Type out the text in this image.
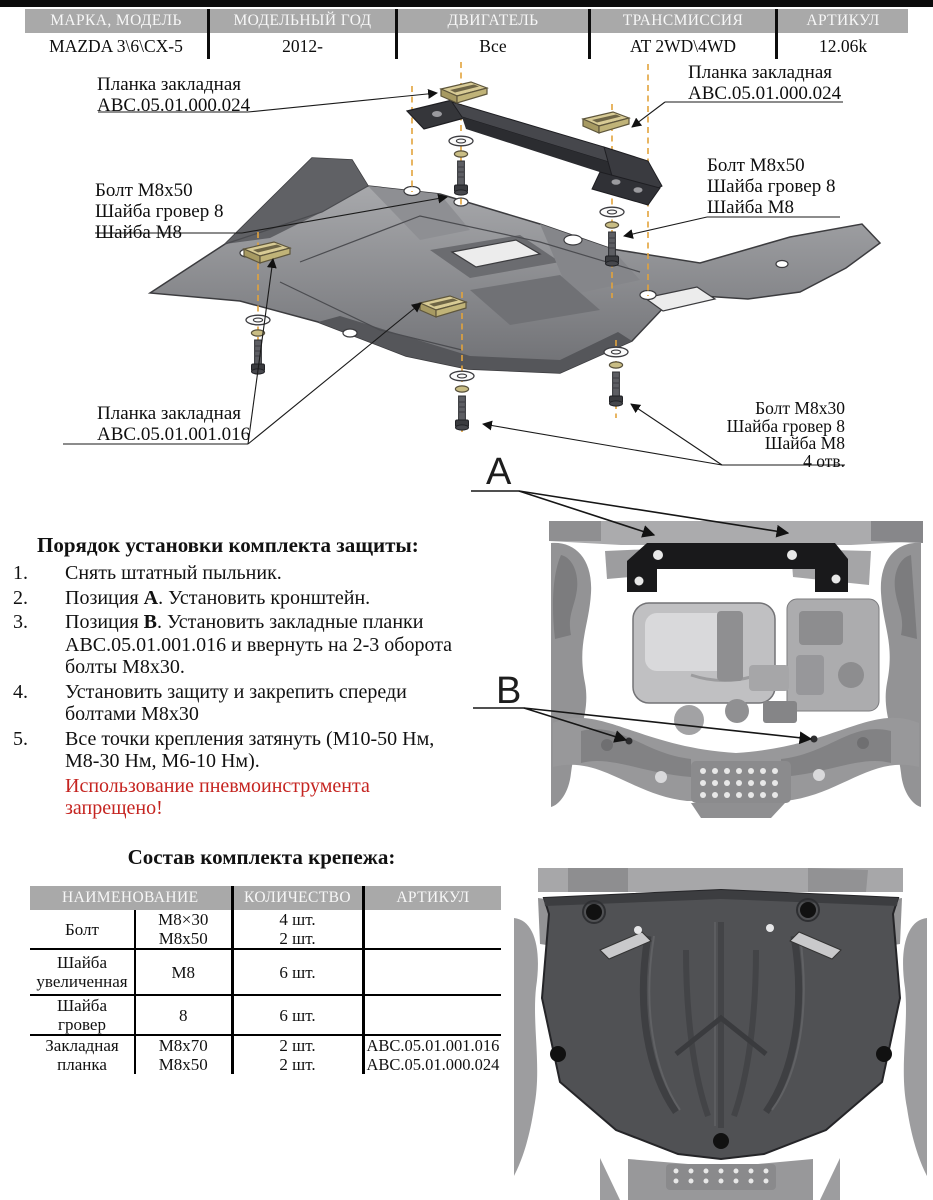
МАРКА, МОДЕЛЬ	МОДЕЛЬНЫЙ ГОД	ДВИГАТЕЛЬ	ТРАНСМИССИЯ	АРТИКУЛ
MAZDA 3\6\CX-5	2012-	Все	AT 2WD\4WD	12.06k
Планка закладная
ABC.05.01.000.024
Планка закладная
ABC.05.01.000.024
Болт М8х50
Шайба гровер 8
Шайба М8
Болт М8х50
Шайба гровер 8
Шайба М8
Планка закладная
ABC.05.01.001.016
Болт М8х30
Шайба гровер 8
Шайба М8
4 отв.
А
В
Порядок установки комплекта защиты:
1.	Снять штатный пыльник.
2.	Позиция А. Установить кронштейн.
3.	Позиция В. Установить закладные планки ABC.05.01.001.016 и ввернуть на 2-3 оборота болты М8х30.
4.	Установить защиту и закрепить спереди болтами М8х30
5.	Все точки крепления затянуть (М10-50 Нм, М8-30 Нм, М6-10 Нм).
Использование пневмоинструмента запрещено!
Состав комплекта крепежа:
НАИМЕНОВАНИЕ		КОЛИЧЕСТВО	АРТИКУЛ
Болт	М8×30	4 шт.	
	М8х50	2 шт.	
Шайба увеличенная	М8	6 шт.	
Шайба гровер	8	6 шт.	
Закладная планка	М8х70	2 шт.	ABC.05.01.001.016
	М8х50	2 шт.	ABC.05.01.000.024
